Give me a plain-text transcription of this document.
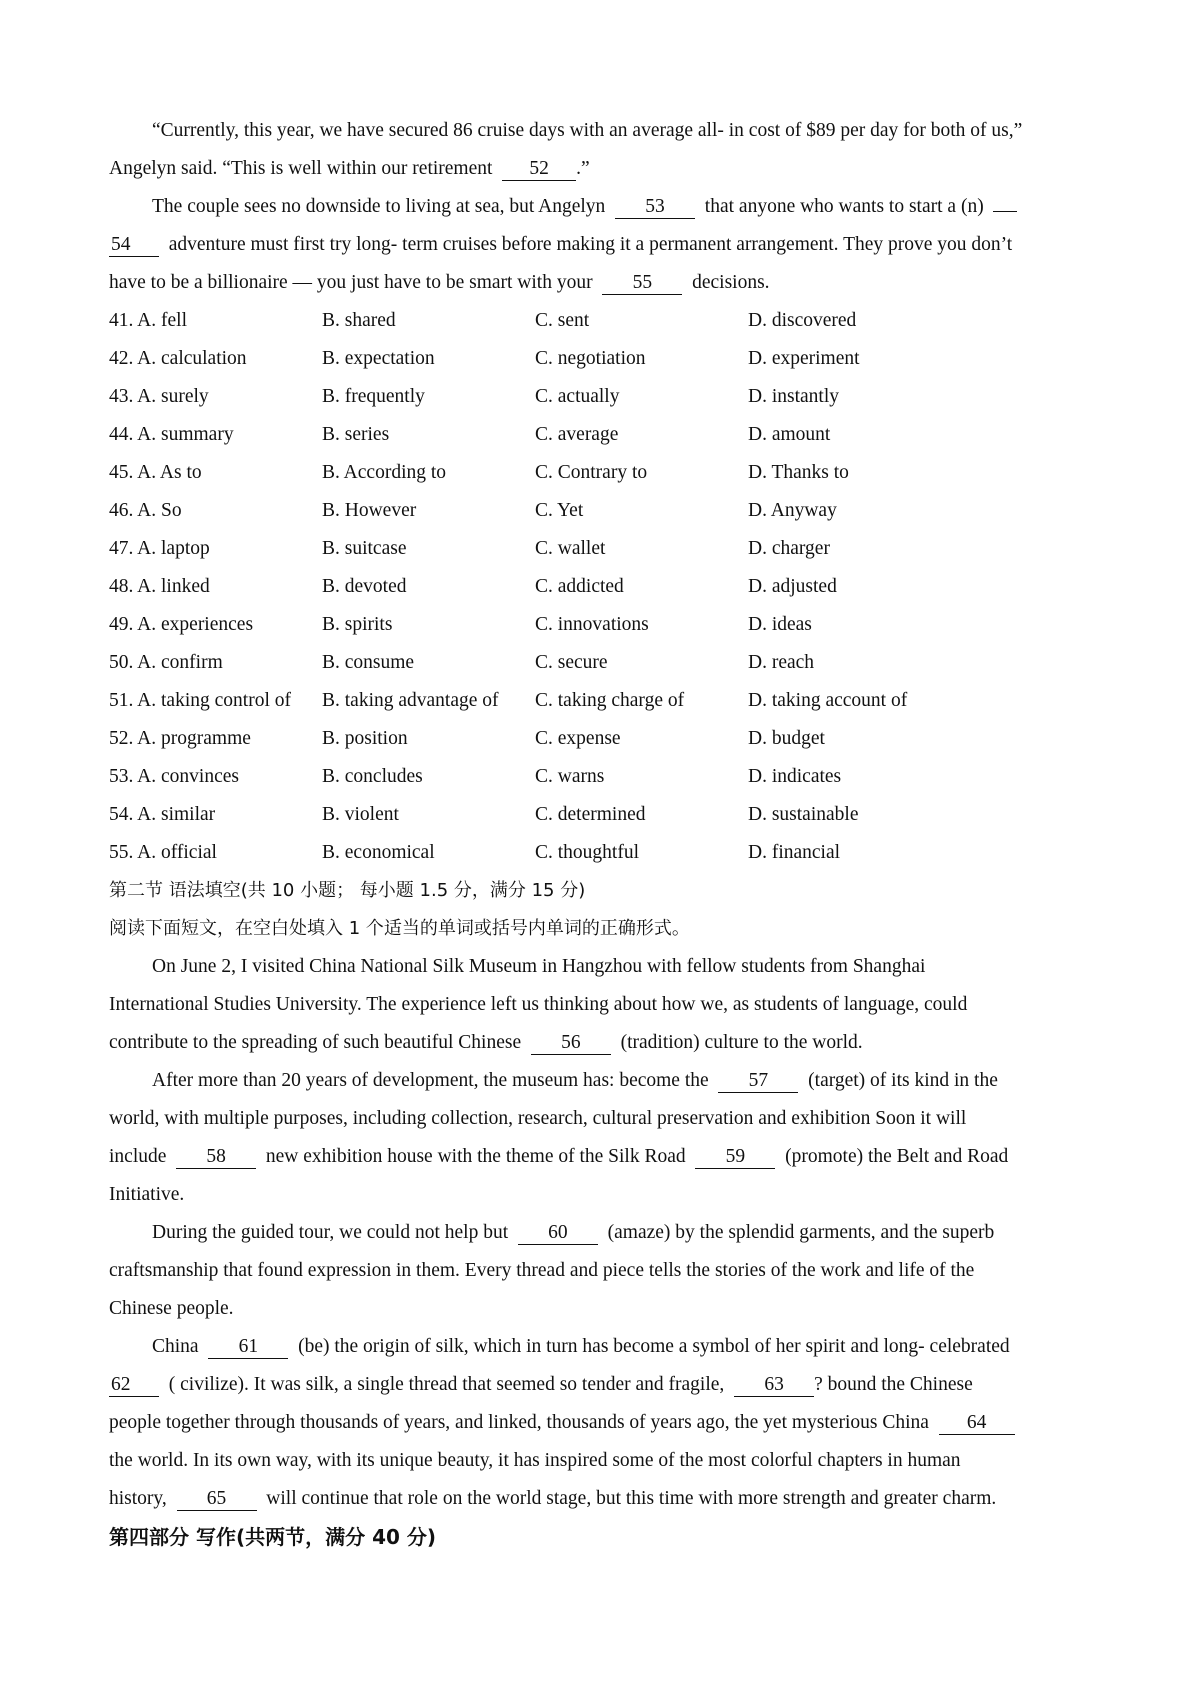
“Currently, this year, we have secured 86 cruise days with an average all- in cost of $89 per day for both of us,”
Angelyn said. “This is well within our retirement 52 .”
The couple sees no downside to living at sea, but Angelyn 53 that anyone who wants to start a (n)
54 adventure must first try long- term cruises before making it a permanent arrangement. They prove you don’t
have to be a billionaire — you just have to be smart with your 55 decisions.
41. A. fell	B. shared	C. sent	D. discovered
42. A. calculation	B. expectation	C. negotiation	D. experiment
43. A. surely	B. frequently	C. actually	D. instantly
44. A. summary	B. series	C. average	D. amount
45. A. As to	B. According to	C. Contrary to	D. Thanks to
46. A. So	B. However	C. Yet	D. Anyway
47. A. laptop	B. suitcase	C. wallet	D. charger
48. A. linked	B. devoted	C. addicted	D. adjusted
49. A. experiences	B. spirits	C. innovations	D. ideas
50. A. confirm	B. consume	C. secure	D. reach
51. A. taking control of B. taking advantage of C. taking charge of	D. taking account of
52. A. programme	B. position	C. expense	D. budget
53. A. convinces	B. concludes	C. warns	D. indicates
54. A. similar	B. violent	C. determined	D. sustainable
55. A. official	B. economical	C. thoughtful	D. financial
第二节 语法填空(共 10 小题； 每小题 1.5 分，满分 15 分)
阅读下面短文，在空白处填入 1 个适当的单词或括号内单词的正确形式。
On June 2, I visited China National Silk Museum in Hangzhou with fellow students from Shanghai
International Studies University. The experience left us thinking about how we, as students of language, could
contribute to the spreading of such beautiful Chinese 56 (tradition) culture to the world.
After more than 20 years of development, the museum has: become the 57 (target) of its kind in the
world, with multiple purposes, including collection, research, cultural preservation and exhibition Soon it will
include 58 new exhibition house with the theme of the Silk Road 59 (promote) the Belt and Road
Initiative.
During the guided tour, we could not help but 60 (amaze) by the splendid garments, and the superb
craftsmanship that found expression in them. Every thread and piece tells the stories of the work and life of the
Chinese people.
China 61 (be) the origin of silk, which in turn has become a symbol of her spirit and long- celebrated
62 ( civilize). It was silk, a single thread that seemed so tender and fragile, 63 ? bound the Chinese
people together through thousands of years, and linked, thousands of years ago, the yet mysterious China 64
the world. In its own way, with its unique beauty, it has inspired some of the most colorful chapters in human
history, 65 will continue that role on the world stage, but this time with more strength and greater charm.
第四部分 写作(共两节，满分 40 分)
